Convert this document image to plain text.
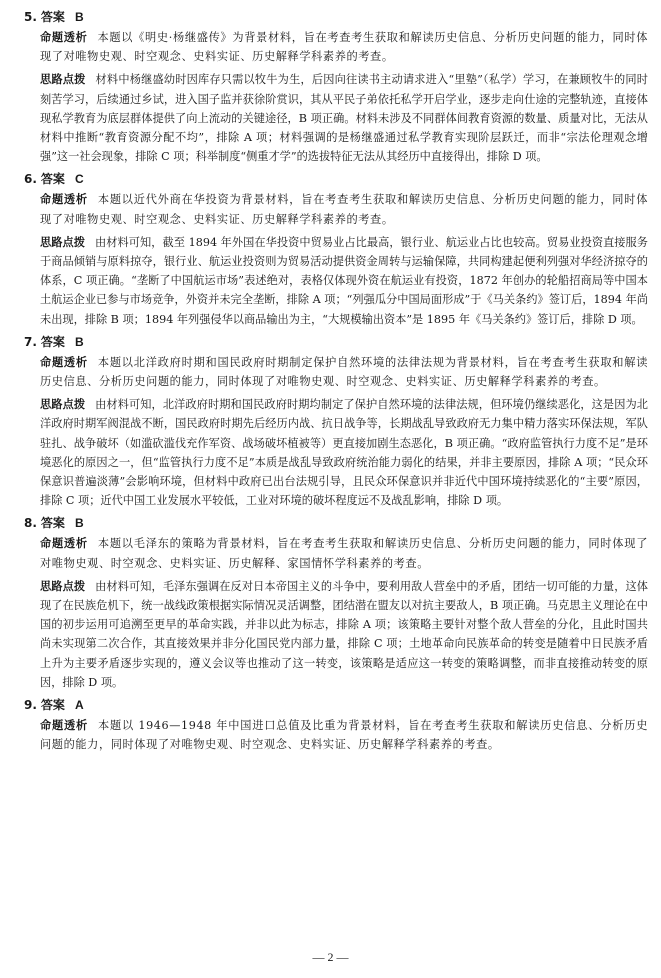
5. 答案 B

命题透析 本题以《明史·杨继盛传》为背景材料，旨在考查考生获取和解读历史信息、分析历史问题的能力，同时体现了对唯物史观、时空观念、史料实证、历史解释学科素养的考查。

思路点拨 材料中杨继盛幼时因库存只需以牧牛为生，后因向往读书主动请求进入“里塾”（私学）学习，在兼顾牧牛的同时刻苦学习，后续通过乡试，进入国子监并获徐阶赏识，其从平民子弟依托私学开启学业，逐步走向仕途的完整轨迹，直接体现私学教育为底层群体提供了向上流动的关键途径，B 项正确。材料未涉及不同群体间教育资源的数量、质量对比，无法从材料中推断“教育资源分配不均”，排除 A 项；材料强调的是杨继盛通过私学教育实现阶层跃迁，而非“宗法伦理观念增强”这一社会现象，排除 C 项；科举制度“侧重才学”的选拔特征无法从其经历中直接得出，排除 D 项。

6. 答案 C

命题透析 本题以近代外商在华投资为背景材料，旨在考查考生获取和解读历史信息、分析历史问题的能力，同时体现了对唯物史观、时空观念、史料实证、历史解释学科素养的考查。

思路点拨 由材料可知，截至 1894 年外国在华投资中贸易业占比最高，银行业、航运业占比也较高。贸易业投资直接服务于商品倾销与原料掠夺，银行业、航运业投资则为贸易活动提供资金周转与运输保障，共同构建起便利列强对华经济掠夺的体系，C 项正确。“垄断了中国航运市场”表述绝对，表格仅体现外资在航运业有投资，1872 年创办的轮船招商局等中国本土航运企业已参与市场竞争，外资并未完全垄断，排除 A 项；“列强瓜分中国局面形成”于《马关条约》签订后，1894 年尚未出现，排除 B 项；1894 年列强侵华以商品输出为主，“大规模输出资本”是 1895 年《马关条约》签订后，排除 D 项。

7. 答案 B

命题透析 本题以北洋政府时期和国民政府时期制定保护自然环境的法律法规为背景材料，旨在考查考生获取和解读历史信息、分析历史问题的能力，同时体现了对唯物史观、时空观念、史料实证、历史解释学科素养的考查。

思路点拨 由材料可知，北洋政府时期和国民政府时期均制定了保护自然环境的法律法规，但环境仍继续恶化，这是因为北洋政府时期军阀混战不断，国民政府时期先后经历内战、抗日战争等，长期战乱导致政府无力集中精力落实环保法规，军队驻扎、战争破坏（如滥砍滥伐充作军资、战场破坏植被等）更直接加剧生态恶化，B 项正确。“政府监管执行力度不足”是环境恶化的原因之一，但“监管执行力度不足”本质是战乱导致政府统治能力弱化的结果，并非主要原因，排除 A 项；“民众环保意识普遍淡薄”会影响环境，但材料中政府已出台法规引导，且民众环保意识并非近代中国环境持续恶化的“主要”原因，排除 C 项；近代中国工业发展水平较低，工业对环境的破坏程度远不及战乱影响，排除 D 项。

8. 答案 B

命题透析 本题以毛泽东的策略为背景材料，旨在考查考生获取和解读历史信息、分析历史问题的能力，同时体现了对唯物史观、时空观念、史料实证、历史解释、家国情怀学科素养的考查。

思路点拨 由材料可知，毛泽东强调在反对日本帝国主义的斗争中，要利用敌人营垒中的矛盾，团结一切可能的力量，这体现了在民族危机下，统一战线政策根据实际情况灵活调整，团结潜在盟友以对抗主要敌人，B 项正确。马克思主义理论在中国的初步运用可追溯至更早的革命实践，并非以此为标志，排除 A 项；该策略主要针对整个敌人营垒的分化，且此时国共尚未实现第二次合作，其直接效果并非分化国民党内部力量，排除 C 项；土地革命向民族革命的转变是随着中日民族矛盾上升为主要矛盾逐步实现的，遵义会议等也推动了这一转变，该策略是适应这一转变的策略调整，而非直接推动转变的原因，排除 D 项。

9. 答案 A

命题透析 本题以 1946—1948 年中国进口总值及比重为背景材料，旨在考查考生获取和解读历史信息、分析历史问题的能力，同时体现了对唯物史观、时空观念、史料实证、历史解释学科素养的考查。

— 2 —
